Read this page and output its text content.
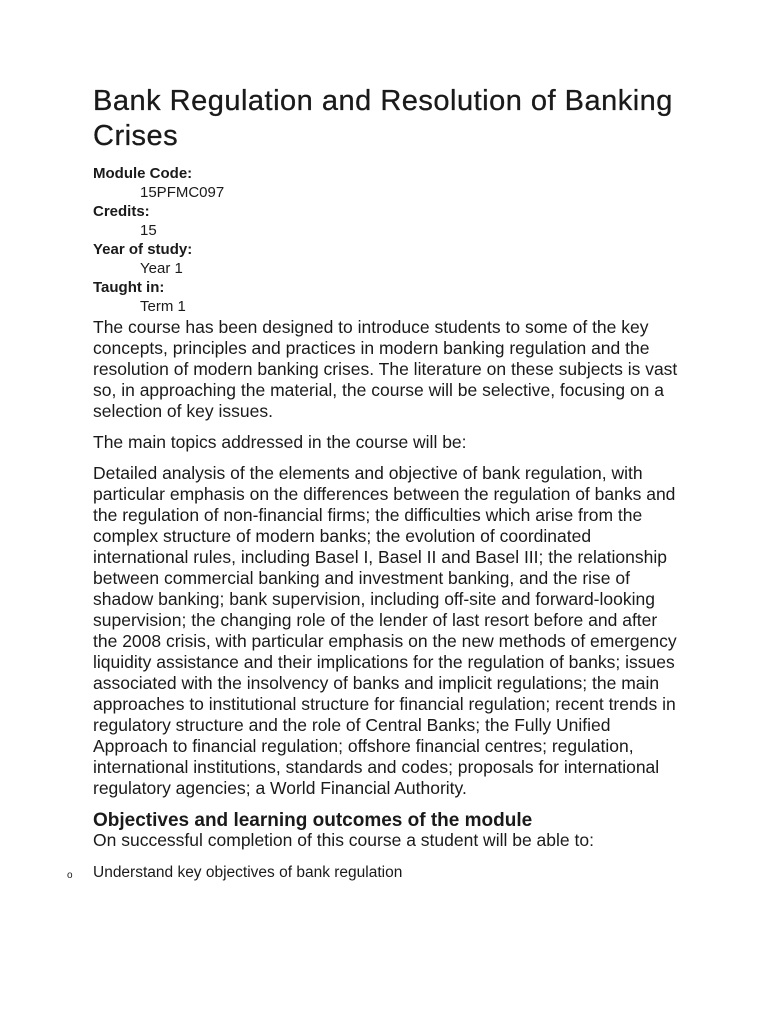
Bank Regulation and Resolution of Banking Crises
Module Code:
15PFMC097
Credits:
15
Year of study:
Year 1
Taught in:
Term 1

The course has been designed to introduce students to some of the key concepts, principles and practices in modern banking regulation and the resolution of modern banking crises. The literature on these subjects is vast so, in approaching the material, the course will be selective, focusing on a selection of key issues.

The main topics addressed in the course will be:

Detailed analysis of the elements and objective of bank regulation, with particular emphasis on the differences between the regulation of banks and the regulation of non-financial firms; the difficulties which arise from the complex structure of modern banks; the evolution of coordinated international rules, including Basel I, Basel II and Basel III; the relationship between commercial banking and investment banking, and the rise of shadow banking; bank supervision, including off-site and forward-looking supervision; the changing role of the lender of last resort before and after the 2008 crisis, with particular emphasis on the new methods of emergency liquidity assistance and their implications for the regulation of banks; issues associated with the insolvency of banks and implicit regulations; the main approaches to institutional structure for financial regulation; recent trends in regulatory structure and the role of Central Banks; the Fully Unified Approach to financial regulation; offshore financial centres; regulation, international institutions, standards and codes; proposals for international regulatory agencies; a World Financial Authority.

Objectives and learning outcomes of the module

On successful completion of this course a student will be able to:

o Understand key objectives of bank regulation
